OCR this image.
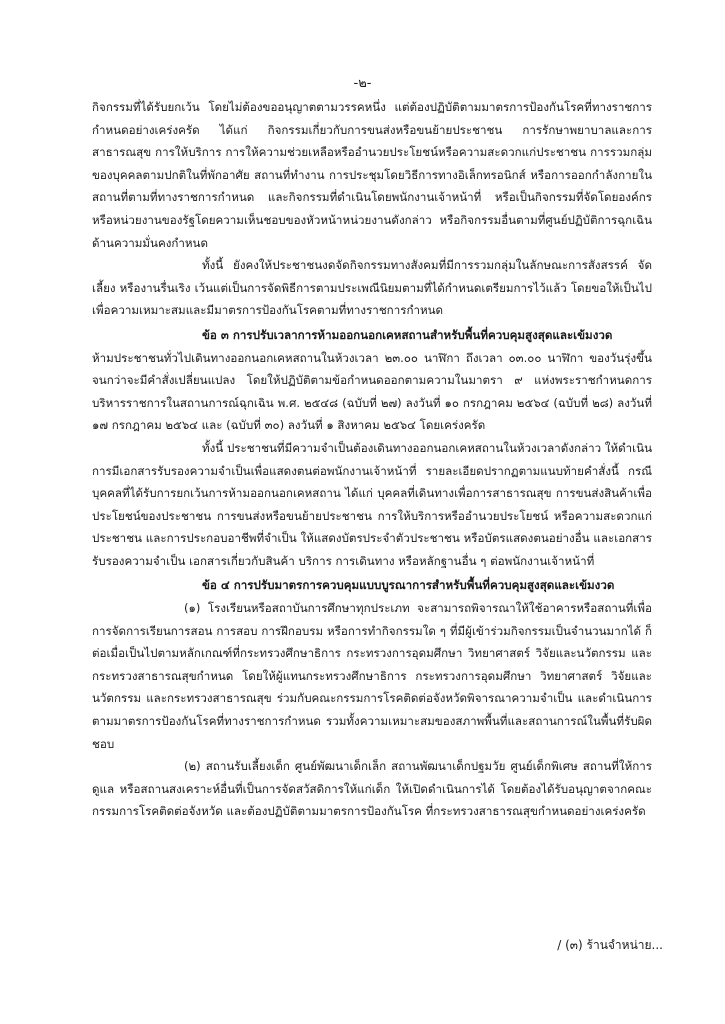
-๒-

กิจกรรมที่ได้รับยกเว้น โดยไม่ต้องขออนุญาตตามวรรคหนึ่ง แต่ต้องปฏิบัติตามมาตรการป้องกันโรคที่ทางราชการกำหนดอย่างเคร่งครัด ได้แก่ กิจกรรมเกี่ยวกับการขนส่งหรือขนย้ายประชาชน การรักษาพยาบาลและการสาธารณสุข การให้บริการ การให้ความช่วยเหลือหรืออำนวยประโยชน์หรือความสะดวกแก่ประชาชน การรวมกลุ่มของบุคคลตามปกติในที่พักอาศัย สถานที่ทำงาน การประชุมโดยวิธีการทางอิเล็กทรอนิกส์ หรือการออกกำลังกายในสถานที่ตามที่ทางราชการกำหนด และกิจกรรมที่ดำเนินโดยพนักงานเจ้าหน้าที่ หรือเป็นกิจกรรมที่จัดโดยองค์กรหรือหน่วยงานของรัฐโดยความเห็นชอบของหัวหน้าหน่วยงานดังกล่าว หรือกิจกรรมอื่นตามที่ศูนย์ปฏิบัติการฉุกเฉินด้านความมั่นคงกำหนด

ทั้งนี้ ยังคงให้ประชาชนงดจัดกิจกรรมทางสังคมที่มีการรวมกลุ่มในลักษณะการสังสรรค์ จัดเลี้ยง หรืองานรื่นเริง เว้นแต่เป็นการจัดพิธีการตามประเพณีนิยมตามที่ได้กำหนดเตรียมการไว้แล้ว โดยขอให้เป็นไปเพื่อความเหมาะสมและมีมาตรการป้องกันโรคตามที่ทางราชการกำหนด

ข้อ ๓ การปรับเวลาการห้ามออกนอกเคหสถานสำหรับพื้นที่ควบคุมสูงสุดและเข้มงวด

ห้ามประชาชนทั่วไปเดินทางออกนอกเคหสถานในห้วงเวลา ๒๓.๐๐ นาฬิกา ถึงเวลา ๐๓.๐๐ นาฬิกา ของวันรุ่งขึ้น จนกว่าจะมีคำสั่งเปลี่ยนแปลง โดยให้ปฏิบัติตามข้อกำหนดออกตามความในมาตรา ๙ แห่งพระราชกำหนดการบริหารราชการในสถานการณ์ฉุกเฉิน พ.ศ. ๒๕๔๘ (ฉบับที่ ๒๗) ลงวันที่ ๑๐ กรกฎาคม ๒๕๖๔ (ฉบับที่ ๒๘) ลงวันที่ ๑๗ กรกฎาคม ๒๕๖๔ และ (ฉบับที่ ๓๐) ลงวันที่ ๑ สิงหาคม ๒๕๖๔ โดยเคร่งครัด

ทั้งนี้ ประชาชนที่มีความจำเป็นต้องเดินทางออกนอกเคหสถานในห้วงเวลาดังกล่าว ให้ดำเนินการมีเอกสารรับรองความจำเป็นเพื่อแสดงตนต่อพนักงานเจ้าหน้าที่ รายละเอียดปรากฏตามแนบท้ายคำสั่งนี้ กรณีบุคคลที่ได้รับการยกเว้นการห้ามออกนอกเคหสถาน ได้แก่ บุคคลที่เดินทางเพื่อการสาธารณสุข การขนส่งสินค้าเพื่อประโยชน์ของประชาชน การขนส่งหรือขนย้ายประชาชน การให้บริการหรืออำนวยประโยชน์ หรือความสะดวกแก่ประชาชน และการประกอบอาชีพที่จำเป็น ให้แสดงบัตรประจำตัวประชาชน หรือบัตรแสดงตนอย่างอื่น และเอกสารรับรองความจำเป็น เอกสารเกี่ยวกับสินค้า บริการ การเดินทาง หรือหลักฐานอื่น ๆ ต่อพนักงานเจ้าหน้าที่

ข้อ ๔ การปรับมาตรการควบคุมแบบบูรณาการสำหรับพื้นที่ควบคุมสูงสุดและเข้มงวด

(๑) โรงเรียนหรือสถาบันการศึกษาทุกประเภท จะสามารถพิจารณาให้ใช้อาคารหรือสถานที่เพื่อการจัดการเรียนการสอน การสอบ การฝึกอบรม หรือการทำกิจกรรมใด ๆ ที่มีผู้เข้าร่วมกิจกรรมเป็นจำนวนมากได้ ก็ต่อเมื่อเป็นไปตามหลักเกณฑ์ที่กระทรวงศึกษาธิการ กระทรวงการอุดมศึกษา วิทยาศาสตร์ วิจัยและนวัตกรรม และกระทรวงสาธารณสุขกำหนด โดยให้ผู้แทนกระทรวงศึกษาธิการ กระทรวงการอุดมศึกษา วิทยาศาสตร์ วิจัยและนวัตกรรม และกระทรวงสาธารณสุข ร่วมกับคณะกรรมการโรคติดต่อจังหวัดพิจารณาความจำเป็น และดำเนินการตามมาตรการป้องกันโรคที่ทางราชการกำหนด รวมทั้งความเหมาะสมของสภาพพื้นที่และสถานการณ์ในพื้นที่รับผิดชอบ

(๒) สถานรับเลี้ยงเด็ก ศูนย์พัฒนาเด็กเล็ก สถานพัฒนาเด็กปฐมวัย ศูนย์เด็กพิเศษ สถานที่ให้การดูแล หรือสถานสงเคราะห์อื่นที่เป็นการจัดสวัสดิการให้แก่เด็ก ให้เปิดดำเนินการได้ โดยต้องได้รับอนุญาตจากคณะกรรมการโรคติดต่อจังหวัด และต้องปฏิบัติตามมาตรการป้องกันโรค ที่กระทรวงสาธารณสุขกำหนดอย่างเคร่งครัด

/ (๓) ร้านจำหน่าย...
